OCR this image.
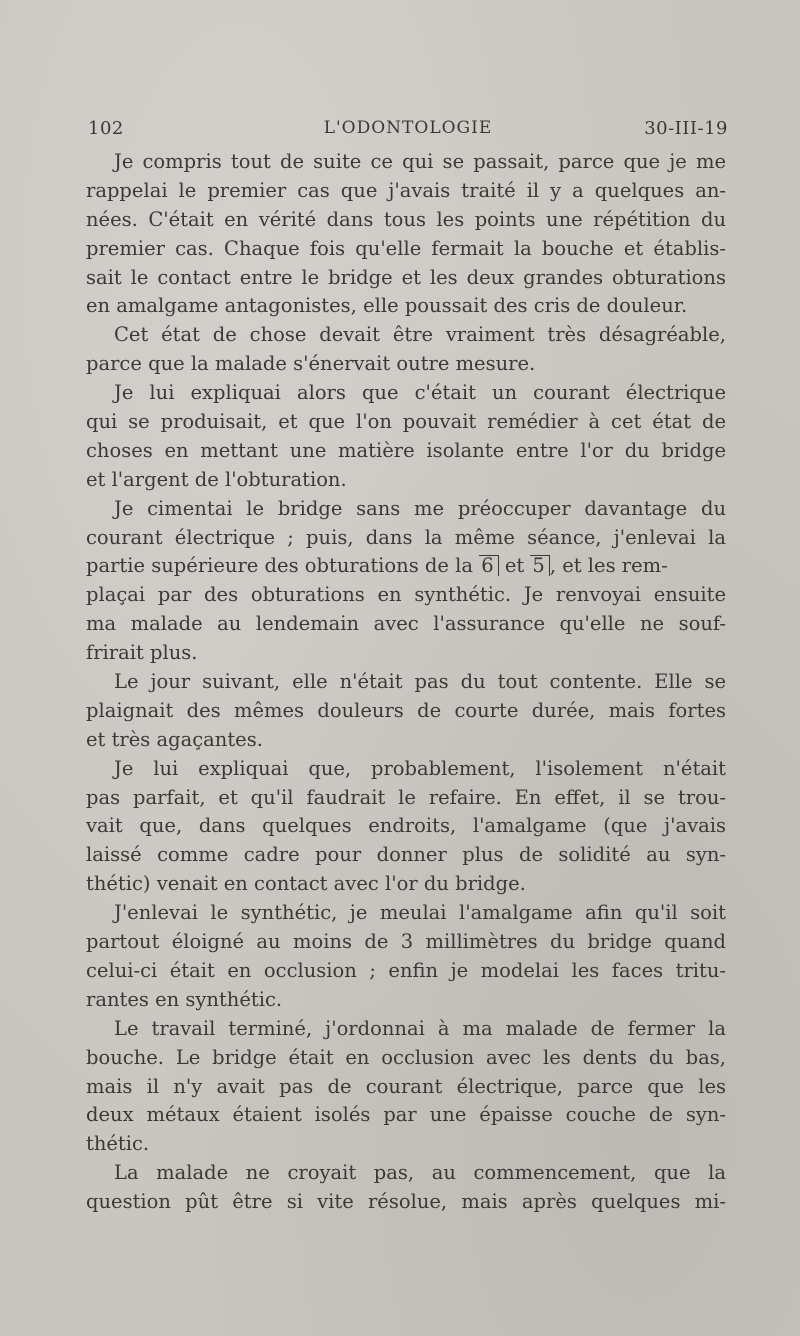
102	L'ODONTOLOGIE	30-III-19
Je compris tout de suite ce qui se passait, parce que je me
rappelai le premier cas que j'avais traité il y a quelques an-
nées. C'était en vérité dans tous les points une répétition du
premier cas. Chaque fois qu'elle fermait la bouche et établis-
sait le contact entre le bridge et les deux grandes obturations
en amalgame antagonistes, elle poussait des cris de douleur.
Cet état de chose devait être vraiment très désagréable,
parce que la malade s'énervait outre mesure.
Je lui expliquai alors que c'était un courant électrique
qui se produisait, et que l'on pouvait remédier à cet état de
choses en mettant une matière isolante entre l'or du bridge
et l'argent de l'obturation.
Je cimentai le bridge sans me préoccuper davantage du
courant électrique ; puis, dans la même séance, j'enlevai la
partie supérieure des obturations de la 6 et 5 , et les rem-
plaçai par des obturations en synthétic. Je renvoyai ensuite
ma malade au lendemain avec l'assurance qu'elle ne souf-
frirait plus.
Le jour suivant, elle n'était pas du tout contente. Elle se
plaignait des mêmes douleurs de courte durée, mais fortes
et très agaçantes.
Je lui expliquai que, probablement, l'isolement n'était
pas parfait, et qu'il faudrait le refaire. En effet, il se trou-
vait que, dans quelques endroits, l'amalgame (que j'avais
laissé comme cadre pour donner plus de solidité au syn-
thétic) venait en contact avec l'or du bridge.
J'enlevai le synthétic, je meulai l'amalgame afin qu'il soit
partout éloigné au moins de 3 millimètres du bridge quand
celui-ci était en occlusion ; enfin je modelai les faces tritu-
rantes en synthétic.
Le travail terminé, j'ordonnai à ma malade de fermer la
bouche. Le bridge était en occlusion avec les dents du bas,
mais il n'y avait pas de courant électrique, parce que les
deux métaux étaient isolés par une épaisse couche de syn-
thétic.
La malade ne croyait pas, au commencement, que la
question pût être si vite résolue, mais après quelques mi-
